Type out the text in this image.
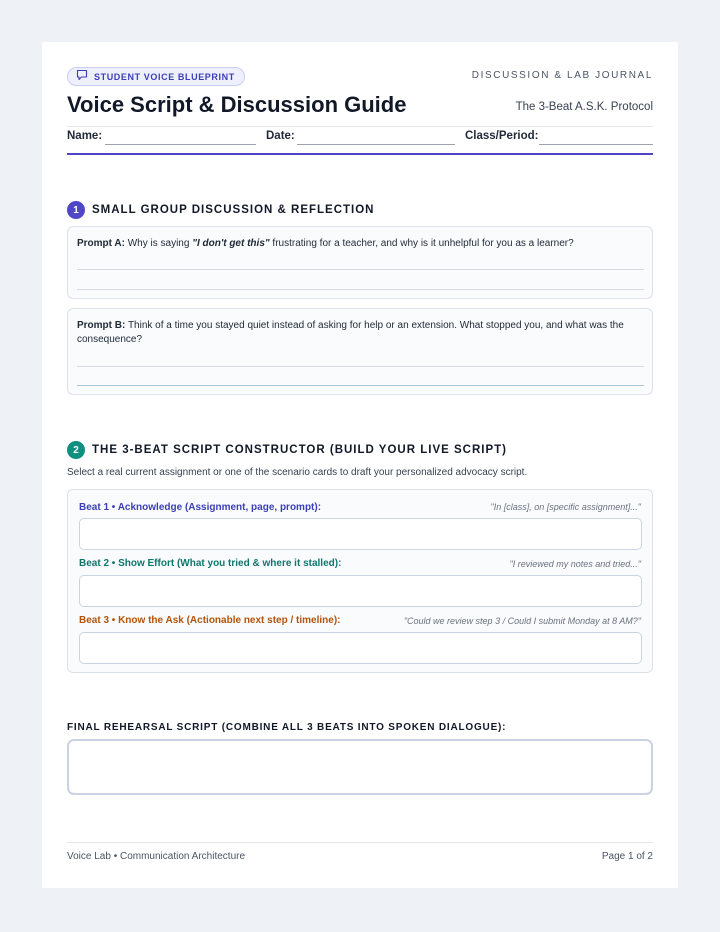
STUDENT VOICE BLUEPRINT	DISCUSSION & LAB JOURNAL
Voice Script & Discussion Guide	The 3-Beat A.S.K. Protocol
Name:	Date:	Class/Period:
1	SMALL GROUP DISCUSSION & REFLECTION
Prompt A: Why is saying "I don't get this" frustrating for a teacher, and why is it unhelpful for you as a learner?
Prompt B: Think of a time you stayed quiet instead of asking for help or an extension. What stopped you, and what was the consequence?
2	THE 3-BEAT SCRIPT CONSTRUCTOR (BUILD YOUR LIVE SCRIPT)
Select a real current assignment or one of the scenario cards to draft your personalized advocacy script.
Beat 1 • Acknowledge (Assignment, page, prompt):	"In [class], on [specific assignment]..."
Beat 2 • Show Effort (What you tried & where it stalled):	"I reviewed my notes and tried..."
Beat 3 • Know the Ask (Actionable next step / timeline):	"Could we review step 3 / Could I submit Monday at 8 AM?"
FINAL REHEARSAL SCRIPT (COMBINE ALL 3 BEATS INTO SPOKEN DIALOGUE):
Voice Lab • Communication Architecture	Page 1 of 2
